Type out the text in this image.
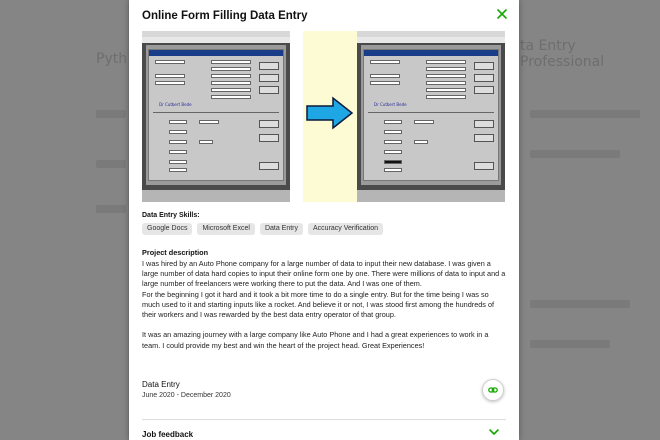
Pyth
ta Entry Professional
Online Form Filling Data Entry
Dr Cutbert Bede	Dr Cutbert Bede
Data Entry Skills:
Google Docs	Microsoft Excel	Data Entry	Accuracy Verification
Project description

I was hired by an Auto Phone company for a large number of data to input their new database. I was given a large number of data hard copies to input their online form one by one. There were millions of data to input and a large number of freelancers were working there to put the data. And I was one of them.

For the beginning I got it hard and it took a bit more time to do a single entry. But for the time being I was so much used to it and starting inputs like a rocket. And believe it or not, I was stood first among the hundreds of their workers and I was rewarded by the best data entry operator of that group.

It was an amazing journey with a large company like Auto Phone and I had a great experiences to work in a team. I could provide my best and win the heart of the project head. Great Experiences!

Data Entry
June 2020 - December 2020
Job feedback
